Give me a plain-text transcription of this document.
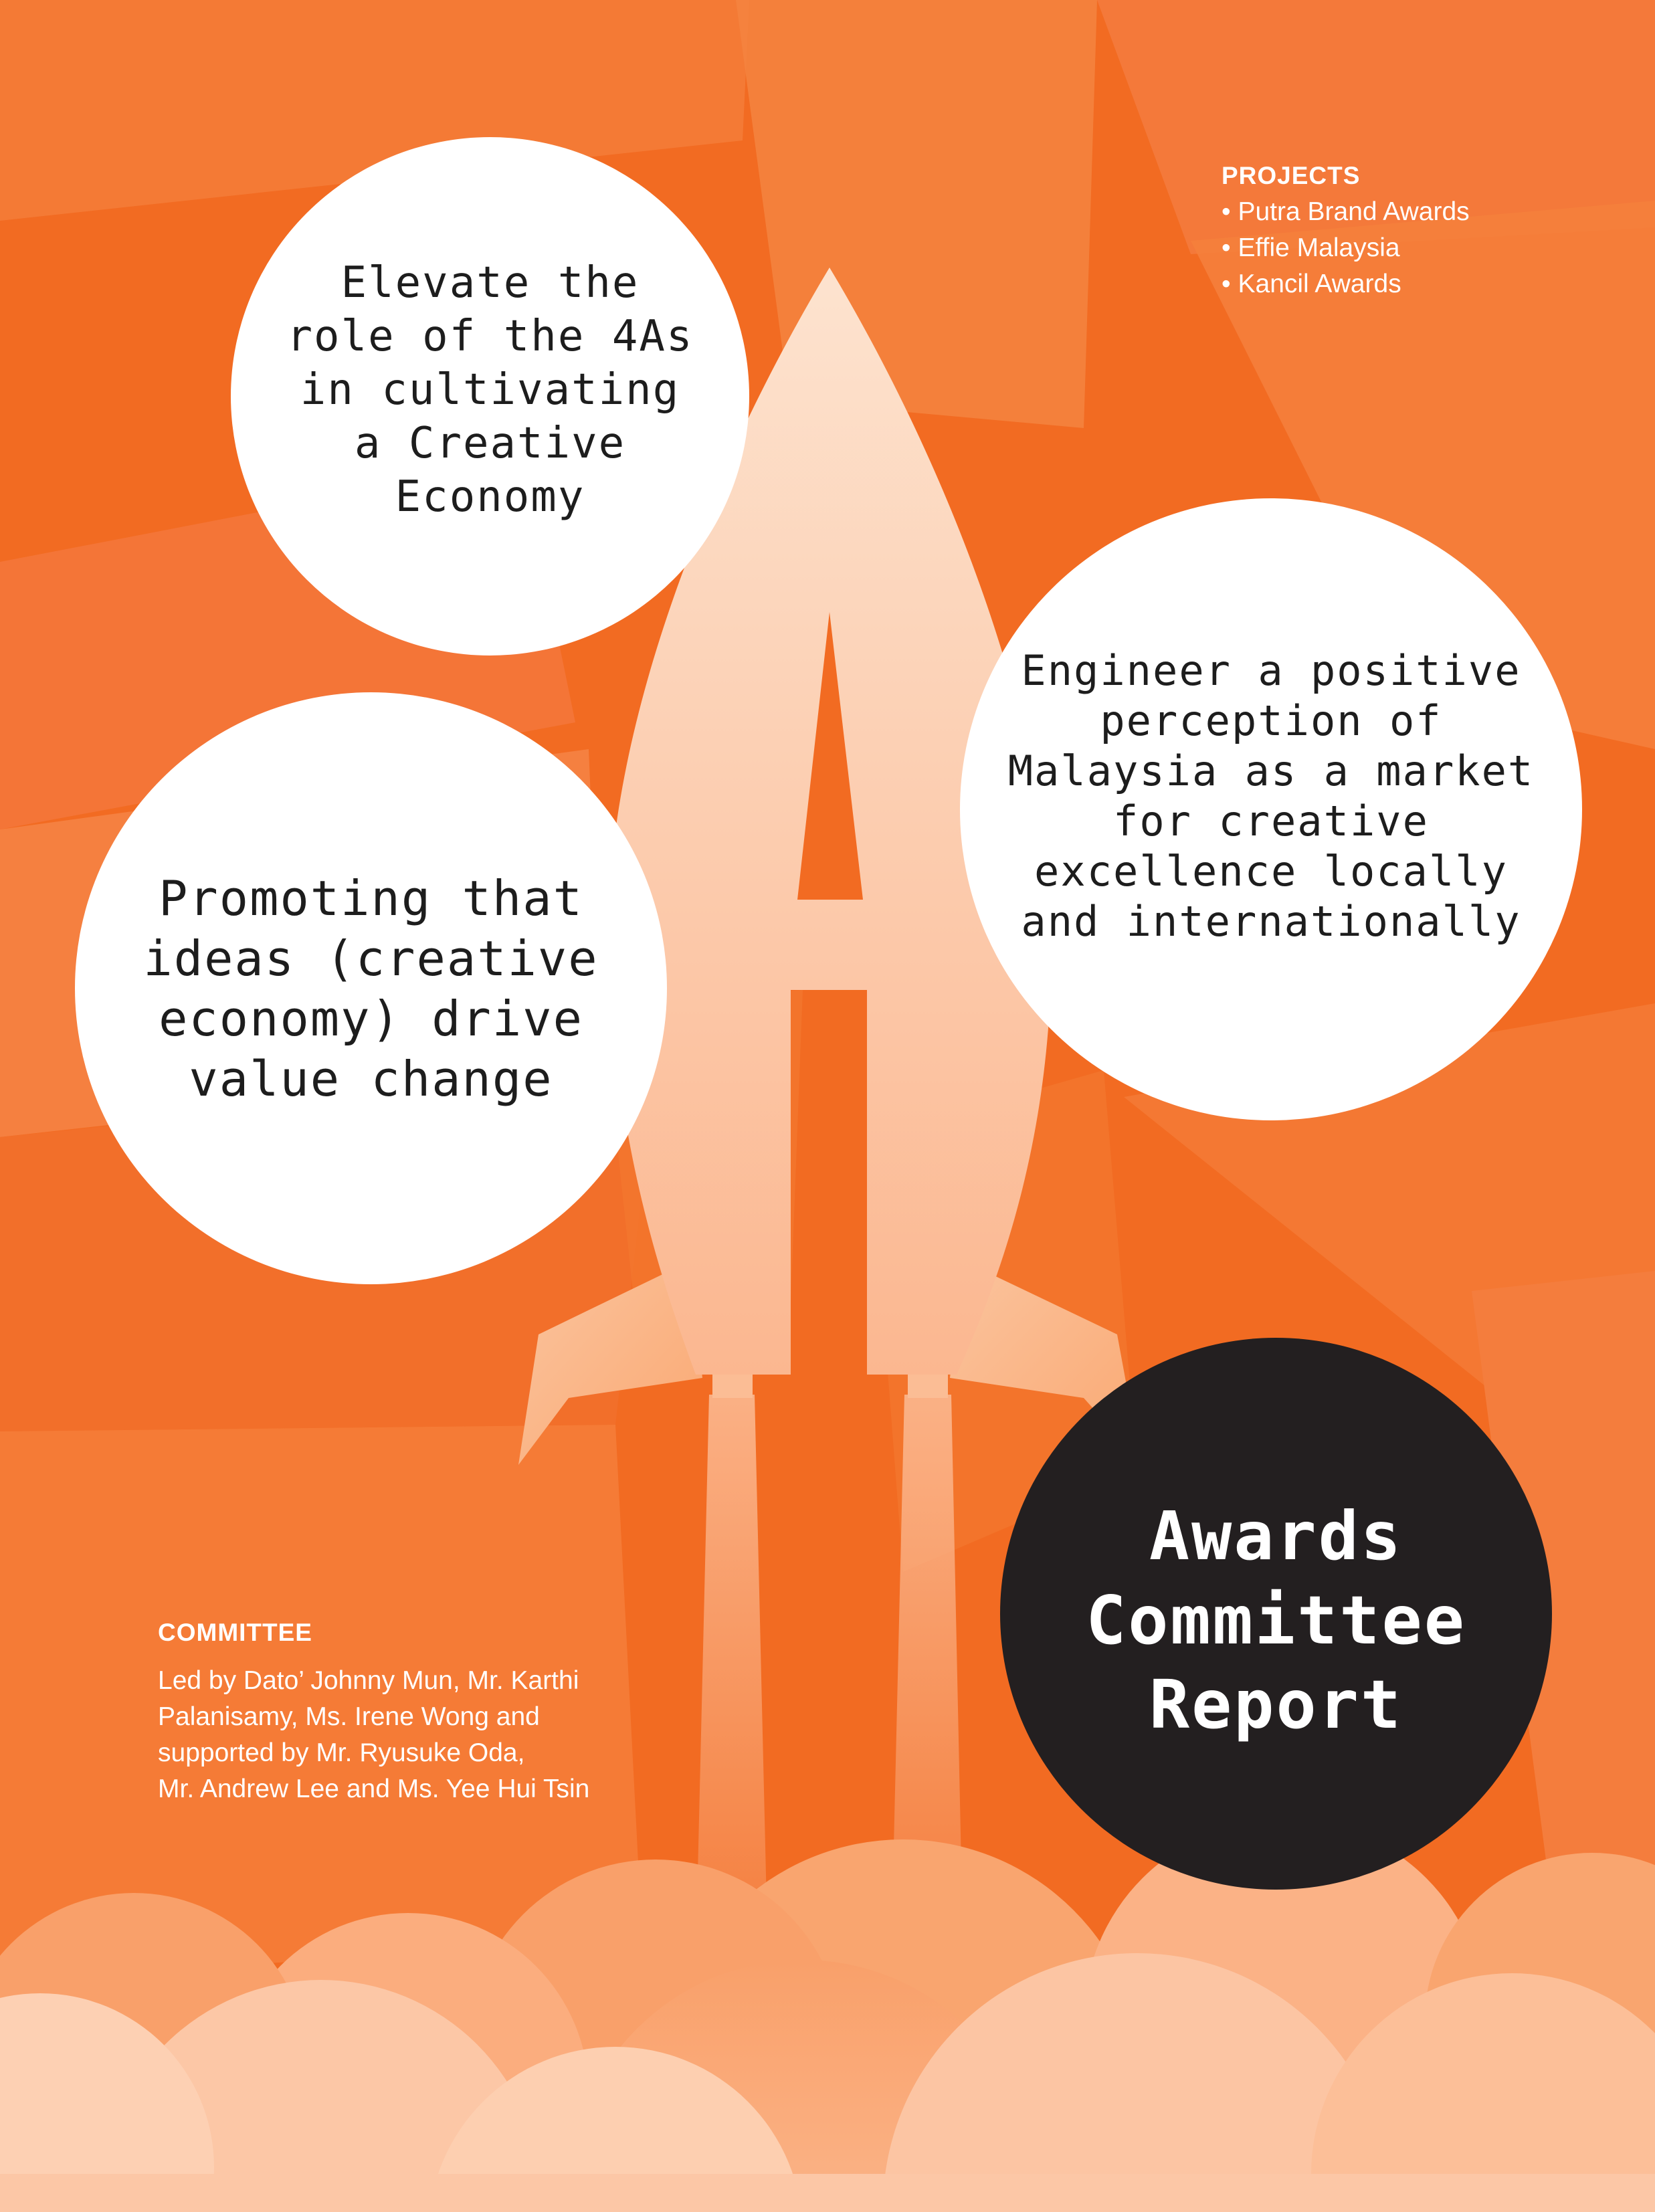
Elevate the
role of the 4As
in cultivating
a Creative
Economy
Promoting that
ideas (creative
economy) drive
value change
Engineer a positive
perception of
Malaysia as a market
for creative
excellence locally
and internationally
Awards
Committee
Report
PROJECTS
• Putra Brand Awards
• Effie Malaysia
• Kancil Awards
COMMITTEE
Led by Dato’ Johnny Mun, Mr. Karthi
Palanisamy, Ms. Irene Wong and
supported by Mr. Ryusuke Oda,
Mr. Andrew Lee and Ms. Yee Hui Tsin
